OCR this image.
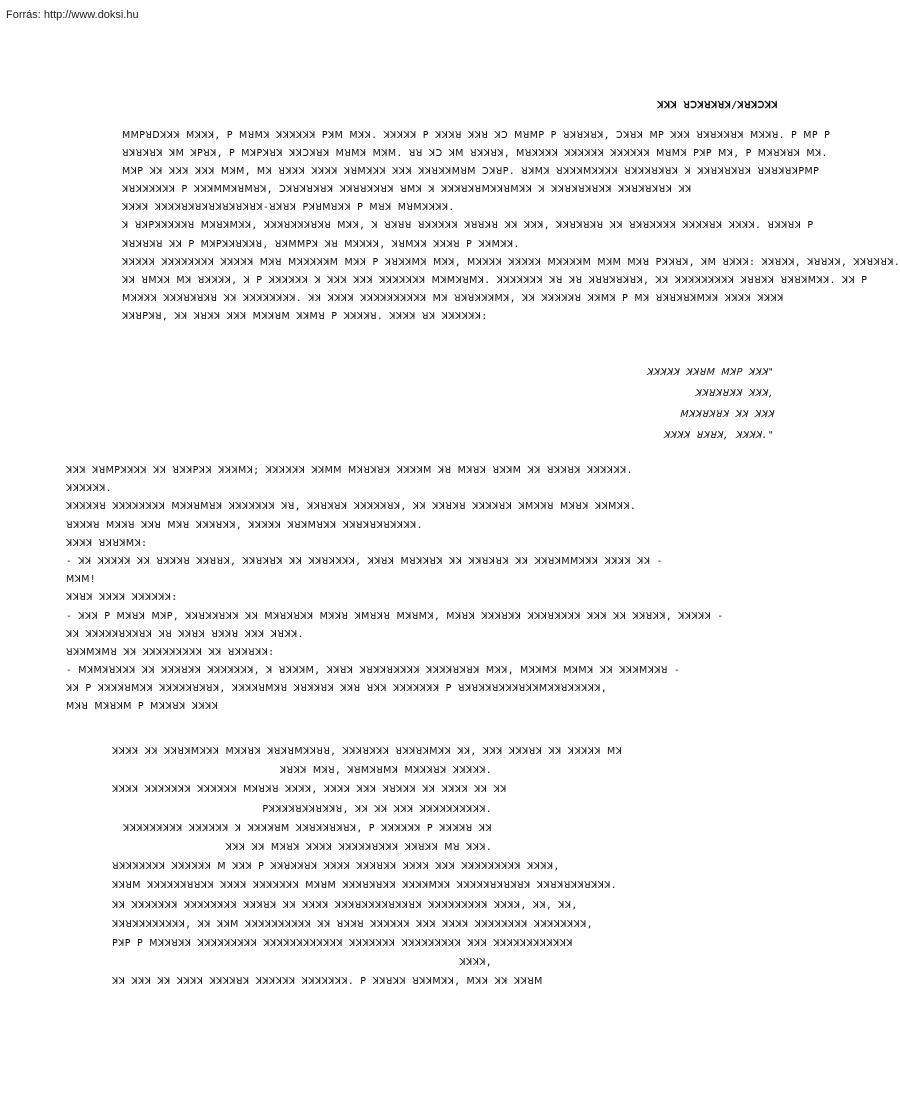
Forrás: http://www.doksi.hu
ꓘꓘꓘ ꓤꓛꓘꓤꓘꓤꓘ/ꓘꓤꓘꓛꓘꓘ
ꓟꓟꓑꓤꓓꓘꓘꓘ ꓟꓘꓘꓘ, ꓑ ꓟꓤꓟꓘ ꓘꓘꓘꓘꓘꓘ ꓑꓘꓟ ꓟꓘꓘ. ꓘꓘꓘꓘꓘ ꓑ ꓘꓘꓘꓤ ꓘꓘꓤ ꓘꓛ ꓟꓤꓟꓑ ꓑ ꓤꓘꓤꓘꓤꓘ, ꓛꓘꓤꓘ ꓟꓑ ꓘꓘꓘ ꓤꓘꓤꓘꓘꓤꓘ ꓟꓘꓘꓤ. ꓑ ꓟꓑ ꓑ
ꓤꓘꓤꓘꓤꓘ ꓘꓟ ꓘꓑꓤꓘ, ꓑ ꓟꓘꓑꓘꓤꓘ ꓘꓘꓛꓘꓤꓘ ꓟꓤꓟꓘ ꓟꓘꓟ. ꓤꓤ ꓘꓛ ꓘꓟ ꓤꓘꓘꓤꓘ, ꓟꓤꓘꓘꓘꓘ ꓘꓘꓘꓘꓘꓘ ꓘꓘꓘꓘꓘꓘ ꓟꓤꓟꓘ ꓑꓘꓑ ꓟꓘ, ꓑ ꓟꓘꓤꓘꓤꓘ ꓟꓘ.
ꓟꓘꓑ ꓘꓘ ꓘꓘꓘ ꓘꓘꓘ ꓟꓘꓟ, ꓟꓘ ꓤꓘꓘꓘ ꓘꓘꓘꓘ ꓘꓤꓟꓘꓘꓘ ꓘꓘꓘ ꓘꓘꓤꓘꓘꓟꓤꓟ ꓛꓘꓤꓑ. ꓤꓘꓟꓘ ꓤꓘꓘꓘꓟꓘꓘꓘꓘ ꓤꓘꓘꓘꓤꓘꓤꓘ ꓘ ꓘꓘꓤꓘꓤꓘꓤꓘ ꓤꓘꓤꓘꓤꓘꓑꓟꓑ
ꓘꓤꓘꓘꓘꓘꓘꓘ ꓑ ꓘꓘꓘꓟꓟꓘꓤꓟꓤꓘ, ꓛꓘꓤꓘꓤꓘꓤꓘ ꓘꓘꓤꓤꓘꓘꓤꓘ ꓤꓟꓘ ꓘ ꓘꓘꓘꓤꓘꓤꓟꓘꓘꓤꓟꓘꓘ ꓘ ꓘꓘꓤꓘꓤꓘꓤꓘꓘ ꓘꓘꓤꓘꓤꓘꓤꓘ ꓘꓘ
ꓘꓘꓘꓘ ꓘꓘꓘꓘꓤꓘꓤꓘꓤꓘꓤꓘꓤꓘꓤꓘ-ꓤꓘꓤꓘ ꓑꓘꓤꓟꓤꓘꓘ ꓑ ꓟꓤꓘ ꓟꓤꓟꓘꓘꓘꓘ.
ꓘ ꓤꓘꓑꓘꓘꓘꓘꓘꓤ ꓟꓘꓤꓘꓟꓘꓘ, ꓘꓘꓘꓤꓘꓘꓘꓤꓘꓤ ꓟꓘꓘ, ꓘ ꓤꓘꓤꓤ ꓤꓘꓘꓘꓘꓘ ꓘꓤꓤꓘꓤ ꓘꓘ ꓘꓘꓘ, ꓘꓘꓤꓘꓤꓘꓤ ꓘꓘ ꓤꓘꓤꓘꓘꓘꓘ ꓘꓘꓘꓘꓤꓘ ꓘꓘꓘꓘ. ꓤꓘꓘꓤꓘ ꓑ
ꓘꓤꓘꓤꓘꓤ ꓘꓘ ꓑ ꓟꓘꓑꓘꓘꓤꓘꓘꓤ, ꓤꓘꓟꓟꓑꓘ ꓘꓤ ꓟꓘꓘꓘꓘ, ꓘꓤꓟꓘꓘ ꓘꓘꓘꓤ ꓑ ꓘꓘꓟꓘꓘ.
ꓘꓘꓘꓘꓘ ꓘꓘꓘꓘꓘꓘꓘꓘ ꓘꓘꓘꓘꓘ ꓟꓘꓤ ꓟꓘꓘꓘꓘꓘꓟ ꓟꓘꓘ ꓑ ꓘꓤꓘꓘꓟꓘ ꓟꓘꓘ, ꓟꓘꓘꓘꓘ ꓘꓘꓘꓘꓘ ꓟꓘꓘꓘꓘꓟ ꓟꓘꓟ ꓟꓘꓤ ꓑꓘꓘꓤꓘ, ꓘꓟ ꓤꓘꓘꓘ: ꓘꓘꓤꓘꓘ, ꓘꓤꓤꓘꓘ, ꓘꓘꓤꓘꓤꓘ.
ꓘꓘ ꓤꓟꓘꓘ ꓟꓘ ꓤꓘꓘꓘꓘ, ꓘ ꓑ ꓘꓘꓘꓘꓘꓘ ꓘ ꓘꓘꓘ ꓘꓘꓘ ꓘꓘꓘꓘꓘꓘꓘ ꓟꓘꓟꓘꓤꓟꓘ. ꓘꓘꓘꓘꓘꓘꓘ ꓘꓤ ꓘꓤ ꓘꓤꓤꓘꓤꓘꓤꓘ, ꓘꓘ ꓘꓘꓘꓘꓘꓘꓘꓘꓘ ꓘꓤꓤꓘꓘ ꓤꓘꓤꓘꓟꓘꓘ. ꓘꓘ ꓑ
ꓟꓘꓘꓘꓘ ꓘꓘꓘꓤꓘꓤꓘꓤ ꓘꓘ ꓘꓘꓘꓘꓘꓘꓘꓘ. ꓘꓘ ꓘꓘꓘꓘ ꓘꓘꓘꓘꓘꓘꓘꓘꓘꓘ ꓟꓘ ꓤꓘꓤꓘꓘꓘꓟꓘ, ꓘꓘ ꓘꓘꓘꓘꓘꓤ ꓘꓘꓟꓘ ꓑ ꓟꓘ ꓤꓘꓤꓘꓤꓘꓟꓘꓘ ꓘꓘꓘꓘ ꓘꓘꓘꓘ
ꓘꓘꓤꓑꓘꓤ, ꓘꓘ ꓘꓤꓘꓘ ꓘꓘꓘ ꓟꓘꓘꓤꓟ ꓘꓘꓟꓤ ꓑ ꓘꓘꓘꓘꓤ. ꓘꓘꓘꓘ ꓤꓘ ꓘꓘꓘꓘꓘꓘ:
ꓘꓘꓘꓘꓘ ꓘꓘꓤꓟ ꓟꓘꓑ ꓘꓘꓘ"
ꓘꓘꓤꓘꓤꓘꓘ ꓘꓘꓘ,
ꓟꓘꓘꓤꓘꓤꓘ ꓘꓘ ꓘꓘꓘ
ꓘꓘꓘꓘ ꓤꓘꓤꓘ, ꓘꓘꓘꓘ."
ꓘꓘꓘ ꓘꓤꓟꓑꓘꓘꓘꓘ ꓘꓘ ꓤꓘꓘꓑꓘꓘ ꓘꓘꓘꓟꓘ; ꓘꓘꓘꓘꓘꓘ ꓘꓘꓟꓟ ꓟꓘꓤꓘꓤꓘ ꓘꓘꓘꓘꓟ ꓘꓤ ꓟꓘꓤꓘ ꓤꓘꓘꓟ ꓘꓘ ꓤꓘꓘꓤꓘ ꓘꓘꓘꓘꓘꓘ.
ꓘꓘꓘꓘꓘꓘ.
ꓘꓘꓘꓘꓘꓤ ꓘꓘꓘꓘꓘꓘꓘꓘ ꓟꓘꓘꓤꓟꓤꓘ ꓘꓘꓘꓘꓘꓘꓘ ꓘꓤ, ꓘꓘꓤꓘꓤꓘ ꓘꓘꓘꓘꓘꓤꓘ, ꓘꓘ ꓘꓘꓤꓘꓤ ꓘꓘꓘꓘꓤꓘ ꓘꓟꓘꓘꓤ ꓟꓘꓤꓘ ꓘꓘꓟꓘꓘ.
ꓤꓘꓘꓘꓤ ꓟꓘꓘꓤ ꓘꓘꓤ ꓟꓘꓤ ꓘꓘꓘꓤꓘꓘ, ꓘꓘꓘꓘꓘ ꓘꓤꓘꓟꓤꓘꓘ ꓘꓘꓤꓘꓤꓘꓤꓘꓘꓘꓘ.
ꓘꓘꓘꓘ ꓤꓘꓤꓘꓟꓘ:
- ꓘꓘ ꓘꓘꓘꓘꓘ ꓘꓘ ꓤꓘꓘꓘꓤ ꓘꓘꓤꓤꓘ, ꓘꓘꓤꓘꓤꓘ ꓘꓘ ꓘꓘꓤꓘꓘꓘꓘ, ꓘꓘꓤꓘ ꓟꓤꓘꓘꓤꓘ ꓘꓘ ꓘꓘꓤꓘꓤꓘ ꓘꓘ ꓘꓘꓤꓘꓟꓟꓘꓘꓘ ꓘꓘꓘꓘ ꓘꓘ -
ꓟꓘꓟ!
ꓘꓘꓤꓘ ꓘꓘꓘꓘ ꓘꓘꓘꓘꓘꓘ:
- ꓘꓘꓘ ꓑ ꓟꓘꓤꓘ ꓟꓘꓑ, ꓘꓘꓤꓘꓘꓤꓘꓘ ꓘꓘ ꓟꓘꓤꓘꓤꓘꓘ ꓟꓘꓘꓤ ꓘꓟꓤꓘꓤ ꓟꓘꓤꓟꓘ, ꓟꓘꓤꓘ ꓘꓘꓘꓤꓘꓘ ꓘꓘꓘꓤꓘꓘꓘꓘ ꓘꓘꓘ ꓘꓘ ꓘꓘꓤꓘꓘ, ꓘꓘꓘꓘꓘ -
ꓘꓘ ꓘꓘꓘꓘꓘꓤꓘꓘꓤꓘ ꓘꓤ ꓘꓘꓤꓘ ꓤꓘꓘꓤ ꓘꓘꓘ ꓘꓤꓘꓘ.
ꓤꓘꓘꓟꓘꓟꓤ ꓘꓘ ꓘꓘꓘꓘꓘꓘꓘꓘꓘ ꓘꓘ ꓤꓘꓘꓤꓘꓘ:
- ꓟꓘꓟꓘꓤꓘꓘꓘ ꓘꓘ ꓘꓘꓘꓤꓘꓘ ꓘꓘꓘꓘꓘꓘꓘ, ꓘ ꓤꓘꓘꓘꓟ, ꓘꓘꓤꓘ ꓘꓤꓘꓘꓤꓘꓘꓘꓘ ꓘꓘꓘꓘꓤꓘꓤꓘ ꓟꓘꓘ, ꓟꓘꓘꓟꓘ ꓟꓘꓟꓘ ꓘꓘ ꓘꓘꓘꓟꓘꓘꓤ -
ꓘꓘ ꓑ ꓘꓘꓘꓘꓤꓟꓘꓘ ꓘꓘꓘꓘꓘꓤꓘꓤꓘ, ꓘꓘꓘꓘꓤꓟꓘꓤ ꓘꓤꓘꓘꓤꓘ ꓘꓘꓤ ꓤꓘꓘ ꓘꓘꓘꓘꓘꓘꓘ ꓑ ꓤꓘꓤꓘꓘꓤꓘꓘꓘꓤꓘꓘꓟꓘꓘꓤꓘꓘꓘꓘꓘ,
ꓟꓘꓤ ꓟꓘꓤꓘꓟ ꓑ ꓟꓘꓘꓤꓘ ꓘꓘꓘꓘ
ꓘꓘꓘꓘ ꓘꓘ ꓘꓘꓤꓘꓟꓘꓘꓘ ꓟꓘꓘꓤꓘ ꓘꓤꓘꓤꓟꓘꓘꓤꓤ, ꓘꓘꓘꓤꓘꓘꓘ ꓤꓘꓘꓤꓘꓟꓘꓘ ꓘꓘ, ꓘꓘꓘ ꓘꓘꓘꓤꓘ ꓘꓘ ꓘꓘꓘꓘꓘ ꓟꓘ
ꓘꓤꓘꓘ ꓟꓘꓤ, ꓘꓤꓟꓘꓤꓟꓘ ꓟꓘꓘꓘꓤꓘ ꓘꓘꓘꓘꓘ.
ꓘꓘꓘꓘ ꓘꓘꓘꓘꓘꓘꓘ ꓘꓘꓘꓘꓘꓘ ꓟꓘꓤꓘꓤ ꓘꓘꓘꓘ, ꓘꓘꓘꓘ ꓘꓘꓘ ꓘꓤꓘꓘꓘ ꓘꓘ ꓘꓘꓘꓘ ꓘꓘ ꓘꓘ
ꓑꓘꓘꓘꓘꓤꓘꓘꓤꓘꓘꓤ, ꓘꓘ ꓘꓘ ꓘꓘꓘ ꓘꓘꓘꓘꓘꓘꓘꓘꓘꓘ.
ꓘꓘꓘꓘꓘꓘꓘꓘꓘ ꓘꓘꓘꓘꓘꓘ ꓘ ꓘꓘꓘꓘꓤꓟ ꓘꓘꓤꓘꓘꓤꓘꓤꓘ, ꓑ ꓘꓘꓘꓘꓘꓘ ꓑ ꓘꓘꓘꓘꓤ ꓘꓘ
ꓘꓘꓘ ꓘꓘ ꓟꓘꓤꓘ ꓘꓘꓘꓘ ꓘꓘꓘꓘꓘꓤꓘꓘꓘ ꓘꓘꓤꓘꓘ ꓟꓤ ꓘꓘꓘ.
ꓤꓘꓘꓘꓘꓘꓘꓘ ꓘꓘꓘꓘꓘꓘ ꓟ ꓘꓘꓘ ꓑ ꓘꓘꓤꓘꓘꓤꓘ ꓘꓘꓘꓘ ꓘꓘꓘꓤꓘꓘ ꓘꓘꓘꓘ ꓘꓘꓘ ꓘꓘꓘꓘꓘꓘꓘꓘꓘ ꓘꓘꓘꓘ,
ꓘꓘꓤꓟ ꓘꓘꓘꓘꓘꓘꓤꓤꓘꓘ ꓘꓘꓘꓘ ꓘꓘꓘꓘꓘꓘꓘ ꓟꓘꓤꓟ ꓘꓘꓘꓤꓘꓤꓘꓘ ꓘꓘꓘꓘꓟꓘꓘ ꓘꓘꓘꓘꓘꓤꓘꓤꓘꓤꓘ ꓘꓘꓤꓘꓤꓘꓘꓤꓘꓘꓘ.
ꓘꓘ ꓘꓘꓘꓘꓘꓘꓘ ꓘꓘꓘꓘꓘꓘꓘꓘ ꓘꓘꓘꓤꓘ ꓘꓘ ꓘꓘꓘꓘ ꓘꓘꓘꓤꓘꓘꓘꓘꓤꓘꓘꓤꓘ ꓘꓘꓘꓘꓘꓘꓘꓘꓘ ꓘꓘꓘꓘ, ꓘꓘ, ꓘꓘ,
ꓘꓘꓤꓘꓘꓘꓘꓘꓘꓘꓘ, ꓘꓘ ꓘꓘꓟ ꓘꓘꓘꓘꓘꓘꓘꓘꓘꓘ ꓘꓘ ꓤꓘꓘꓤ ꓘꓘꓘꓘꓘꓘ ꓘꓘꓘ ꓘꓘꓘꓘ ꓘꓘꓘꓘꓘꓘꓘꓘ ꓘꓘꓘꓘꓘꓘꓘꓘ,
ꓑꓘꓑ ꓑ ꓟꓘꓘꓤꓘꓘ ꓘꓘꓘꓘꓘꓘꓘꓘꓘ ꓘꓘꓘꓘꓘꓘꓘꓘꓘꓘꓘꓘ ꓘꓘꓘꓘꓘꓘꓘ ꓘꓘꓘꓘꓘꓘꓘꓘꓘ ꓘꓘꓘ ꓘꓘꓘꓘꓘꓘꓘꓘꓘꓘꓘꓘ
ꓘꓘꓘꓘ,
ꓘꓘ ꓘꓘꓘ ꓘꓘ ꓘꓘꓘꓘ ꓘꓘꓘꓘꓤꓘ ꓘꓘꓘꓘꓘꓘ ꓘꓘꓘꓘꓘꓘꓘ. ꓑ ꓘꓘꓤꓘꓘ ꓤꓘꓘꓟꓘꓘ, ꓟꓘꓘ ꓘꓘ ꓘꓘꓤꓟ
